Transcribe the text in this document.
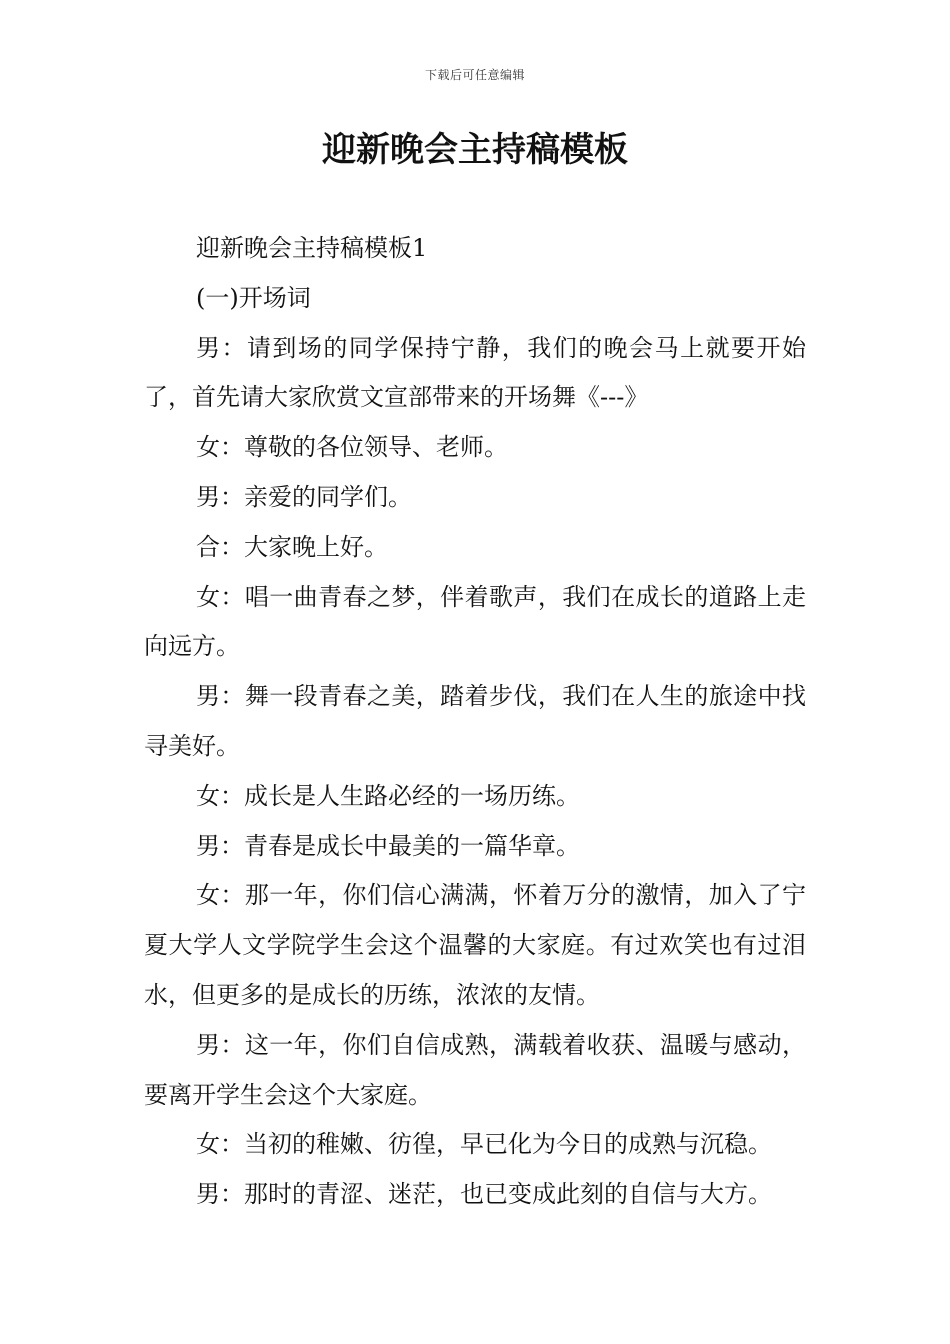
下载后可任意编辑
迎新晚会主持稿模板

迎新晚会主持稿模板1

(一)开场词

男：请到场的同学保持宁静，我们的晚会马上就要开始了，首先请大家欣赏文宣部带来的开场舞《---》

女：尊敬的各位领导、老师。

男：亲爱的同学们。

合：大家晚上好。

女：唱一曲青春之梦，伴着歌声，我们在成长的道路上走向远方。

男：舞一段青春之美，踏着步伐，我们在人生的旅途中找寻美好。

女：成长是人生路必经的一场历练。

男：青春是成长中最美的一篇华章。

女：那一年，你们信心满满，怀着万分的激情，加入了宁夏大学人文学院学生会这个温馨的大家庭。有过欢笑也有过泪水，但更多的是成长的历练，浓浓的友情。

男：这一年，你们自信成熟，满载着收获、温暖与感动，要离开学生会这个大家庭。

女：当初的稚嫩、彷徨，早已化为今日的成熟与沉稳。

男：那时的青涩、迷茫，也已变成此刻的自信与大方。
